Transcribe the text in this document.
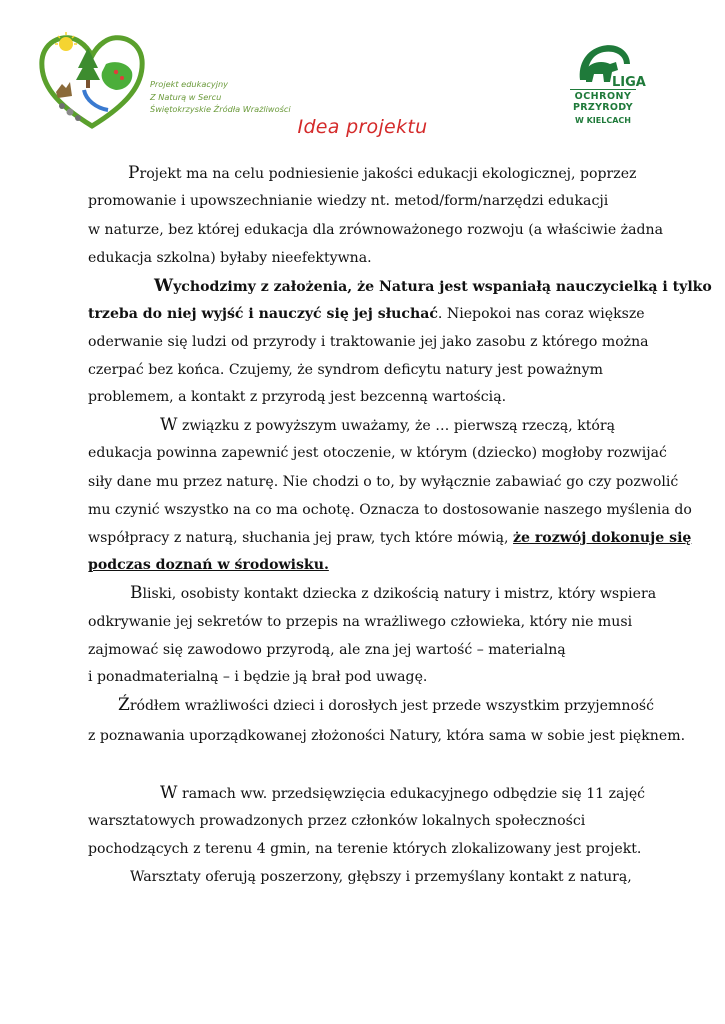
Projekt edukacyjny
Z Naturą w Sercu
Świętokrzyskie Źródła Wrażliwości
LIGA
OCHRONY
PRZYRODY
W KIELCACH
Idea projektu
Projekt ma na celu podniesienie jakości edukacji ekologicznej, poprzez
promowanie i upowszechnianie wiedzy nt. metod/form/narzędzi edukacji
w naturze, bez której edukacja dla zrównoważonego rozwoju (a właściwie żadna
edukacja szkolna) byłaby nieefektywna.
Wychodzimy z założenia, że Natura jest wspaniałą nauczycielką i tylko
trzeba do niej wyjść i nauczyć się jej słuchać. Niepokoi nas coraz większe
oderwanie się ludzi od przyrody i traktowanie jej jako zasobu z którego można
czerpać bez końca. Czujemy, że syndrom deficytu natury jest poważnym
problemem, a kontakt z przyrodą jest bezcenną wartością.
W związku z powyższym uważamy, że … pierwszą rzeczą, którą
edukacja powinna zapewnić jest otoczenie, w którym (dziecko) mogłoby rozwijać
siły dane mu przez naturę. Nie chodzi o to, by wyłącznie zabawiać go czy pozwolić
mu czynić wszystko na co ma ochotę. Oznacza to dostosowanie naszego myślenia do
współpracy z naturą, słuchania jej praw, tych które mówią, że rozwój dokonuje się
podczas doznań w środowisku.
Bliski, osobisty kontakt dziecka z dzikością natury i mistrz, który wspiera
odkrywanie jej sekretów to przepis na wrażliwego człowieka, który nie musi
zajmować się zawodowo przyrodą, ale zna jej wartość – materialną
i ponadmaterialną – i będzie ją brał pod uwagę.
Źródłem wrażliwości dzieci i dorosłych jest przede wszystkim przyjemność
z poznawania uporządkowanej złożoności Natury, która sama w sobie jest pięknem.
W ramach ww. przedsięwzięcia edukacyjnego odbędzie się 11 zajęć
warsztatowych prowadzonych przez członków lokalnych społeczności
pochodzących z terenu 4 gmin, na terenie których zlokalizowany jest projekt.
Warsztaty oferują poszerzony, głębszy i przemyślany kontakt z naturą,
